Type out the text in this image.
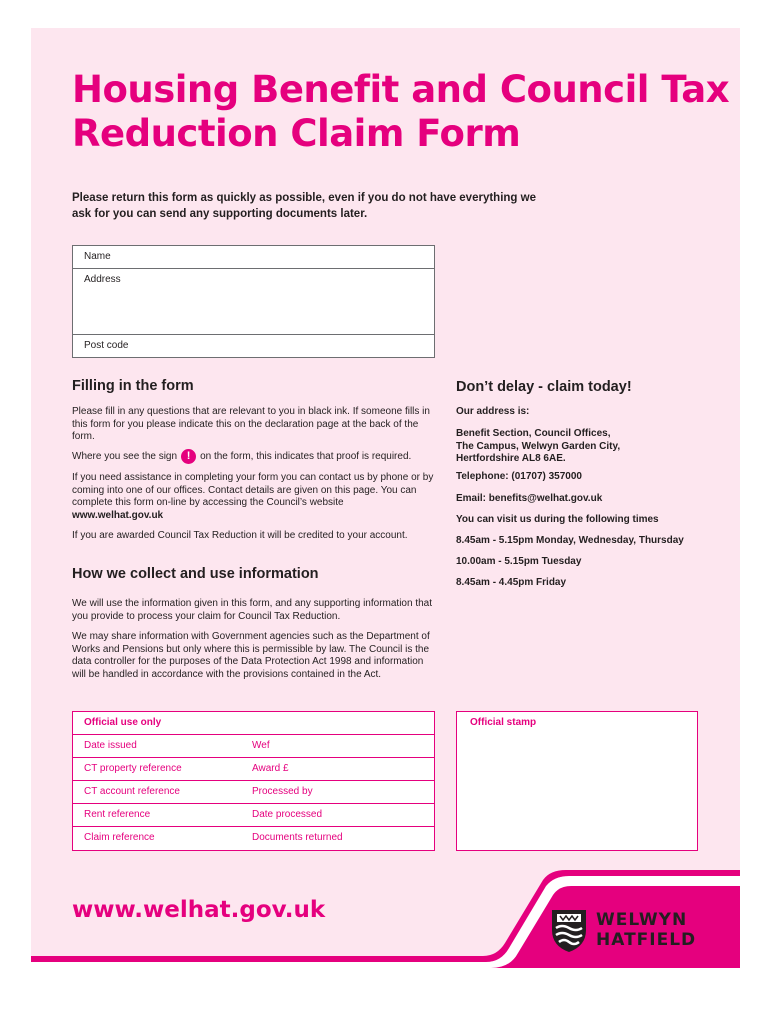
Housing Benefit and Council Tax Reduction Claim Form
Please return this form as quickly as possible, even if you do not have everything we ask for you can send any supporting documents later.
Name
Address
Post code
Filling in the form

Please fill in any questions that are relevant to you in black ink. If someone fills in this form for you please indicate this on the declaration page at the back of the form.

Where you see the sign ! on the form, this indicates that proof is required.

If you need assistance in completing your form you can contact us by phone or by coming into one of our offices. Contact details are given on this page. You can complete this form on-line by accessing the Council’s website www.welhat.gov.uk

If you are awarded Council Tax Reduction it will be credited to your account.

How we collect and use information

We will use the information given in this form, and any supporting information that you provide to process your claim for Council Tax Reduction.

We may share information with Government agencies such as the Department of Works and Pensions but only where this is permissible by law. The Council is the data controller for the purposes of the Data Protection Act 1998 and information will be handled in accordance with the provisions contained in the Act.

Don’t delay - claim today!
Our address is:
Benefit Section, Council Offices,
The Campus, Welwyn Garden City,
Hertfordshire AL8 6AE.
Telephone: (01707) 357000
Email: benefits@welhat.gov.uk
You can visit us during the following times
8.45am - 5.15pm Monday, Wednesday, Thursday
10.00am - 5.15pm Tuesday
8.45am - 4.45pm Friday
Official use only
Date issued	Wef
CT property reference	Award £
CT account reference	Processed by
Rent reference	Date processed
Claim reference	Documents returned
Official stamp
www.welhat.gov.uk	WELWYN
HATFIELD
